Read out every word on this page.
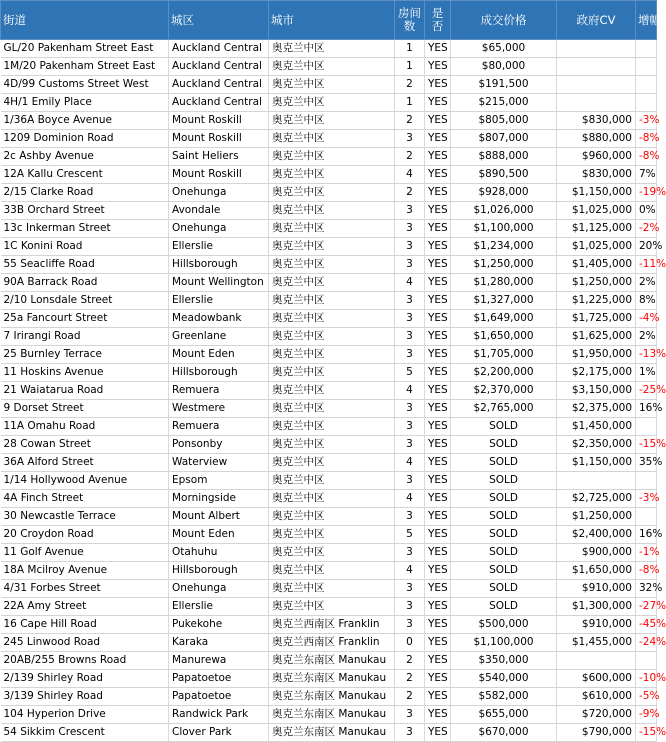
街道	城区	城市	房间数	是否	成交价格	政府CV	增幅
GL/20 Pakenham Street East	Auckland Central	奥克兰中区	1	YES	$65,000		
1M/20 Pakenham Street East	Auckland Central	奥克兰中区	1	YES	$80,000		
4D/99 Customs Street West	Auckland Central	奥克兰中区	2	YES	$191,500		
4H/1 Emily Place	Auckland Central	奥克兰中区	1	YES	$215,000		
1/36A Boyce Avenue	Mount Roskill	奥克兰中区	2	YES	$805,000	$830,000	-3%
1209 Dominion Road	Mount Roskill	奥克兰中区	3	YES	$807,000	$880,000	-8%
2c Ashby Avenue	Saint Heliers	奥克兰中区	2	YES	$888,000	$960,000	-8%
12A Kallu Crescent	Mount Roskill	奥克兰中区	4	YES	$890,500	$830,000	7%
2/15 Clarke Road	Onehunga	奥克兰中区	2	YES	$928,000	$1,150,000	-19%
33B Orchard Street	Avondale	奥克兰中区	3	YES	$1,026,000	$1,025,000	0%
13c Inkerman Street	Onehunga	奥克兰中区	3	YES	$1,100,000	$1,125,000	-2%
1C Konini Road	Ellerslie	奥克兰中区	3	YES	$1,234,000	$1,025,000	20%
55 Seacliffe Road	Hillsborough	奥克兰中区	3	YES	$1,250,000	$1,405,000	-11%
90A Barrack Road	Mount Wellington	奥克兰中区	4	YES	$1,280,000	$1,250,000	2%
2/10 Lonsdale Street	Ellerslie	奥克兰中区	3	YES	$1,327,000	$1,225,000	8%
25a Fancourt Street	Meadowbank	奥克兰中区	3	YES	$1,649,000	$1,725,000	-4%
7 Irirangi Road	Greenlane	奥克兰中区	3	YES	$1,650,000	$1,625,000	2%
25 Burnley Terrace	Mount Eden	奥克兰中区	3	YES	$1,705,000	$1,950,000	-13%
11 Hoskins Avenue	Hillsborough	奥克兰中区	5	YES	$2,200,000	$2,175,000	1%
21 Waiatarua Road	Remuera	奥克兰中区	4	YES	$2,370,000	$3,150,000	-25%
9 Dorset Street	Westmere	奥克兰中区	3	YES	$2,765,000	$2,375,000	16%
11A Omahu Road	Remuera	奥克兰中区	3	YES	SOLD	$1,450,000	
28 Cowan Street	Ponsonby	奥克兰中区	3	YES	SOLD	$2,350,000	-15%
36A Alford Street	Waterview	奥克兰中区	4	YES	SOLD	$1,150,000	35%
1/14 Hollywood Avenue	Epsom	奥克兰中区	3	YES	SOLD		
4A Finch Street	Morningside	奥克兰中区	4	YES	SOLD	$2,725,000	-3%
30 Newcastle Terrace	Mount Albert	奥克兰中区	3	YES	SOLD	$1,250,000	
20 Croydon Road	Mount Eden	奥克兰中区	5	YES	SOLD	$2,400,000	16%
11 Golf Avenue	Otahuhu	奥克兰中区	3	YES	SOLD	$900,000	-1%
18A Mcilroy Avenue	Hillsborough	奥克兰中区	4	YES	SOLD	$1,650,000	-8%
4/31 Forbes Street	Onehunga	奥克兰中区	3	YES	SOLD	$910,000	32%
22A Amy Street	Ellerslie	奥克兰中区	3	YES	SOLD	$1,300,000	-27%
16 Cape Hill Road	Pukekohe	奥克兰西南区 Franklin	3	YES	$500,000	$910,000	-45%
245 Linwood Road	Karaka	奥克兰西南区 Franklin	0	YES	$1,100,000	$1,455,000	-24%
20AB/255 Browns Road	Manurewa	奥克兰东南区 Manukau	2	YES	$350,000		
2/139 Shirley Road	Papatoetoe	奥克兰东南区 Manukau	2	YES	$540,000	$600,000	-10%
3/139 Shirley Road	Papatoetoe	奥克兰东南区 Manukau	2	YES	$582,000	$610,000	-5%
104 Hyperion Drive	Randwick Park	奥克兰东南区 Manukau	3	YES	$655,000	$720,000	-9%
54 Sikkim Crescent	Clover Park	奥克兰东南区 Manukau	3	YES	$670,000	$790,000	-15%
